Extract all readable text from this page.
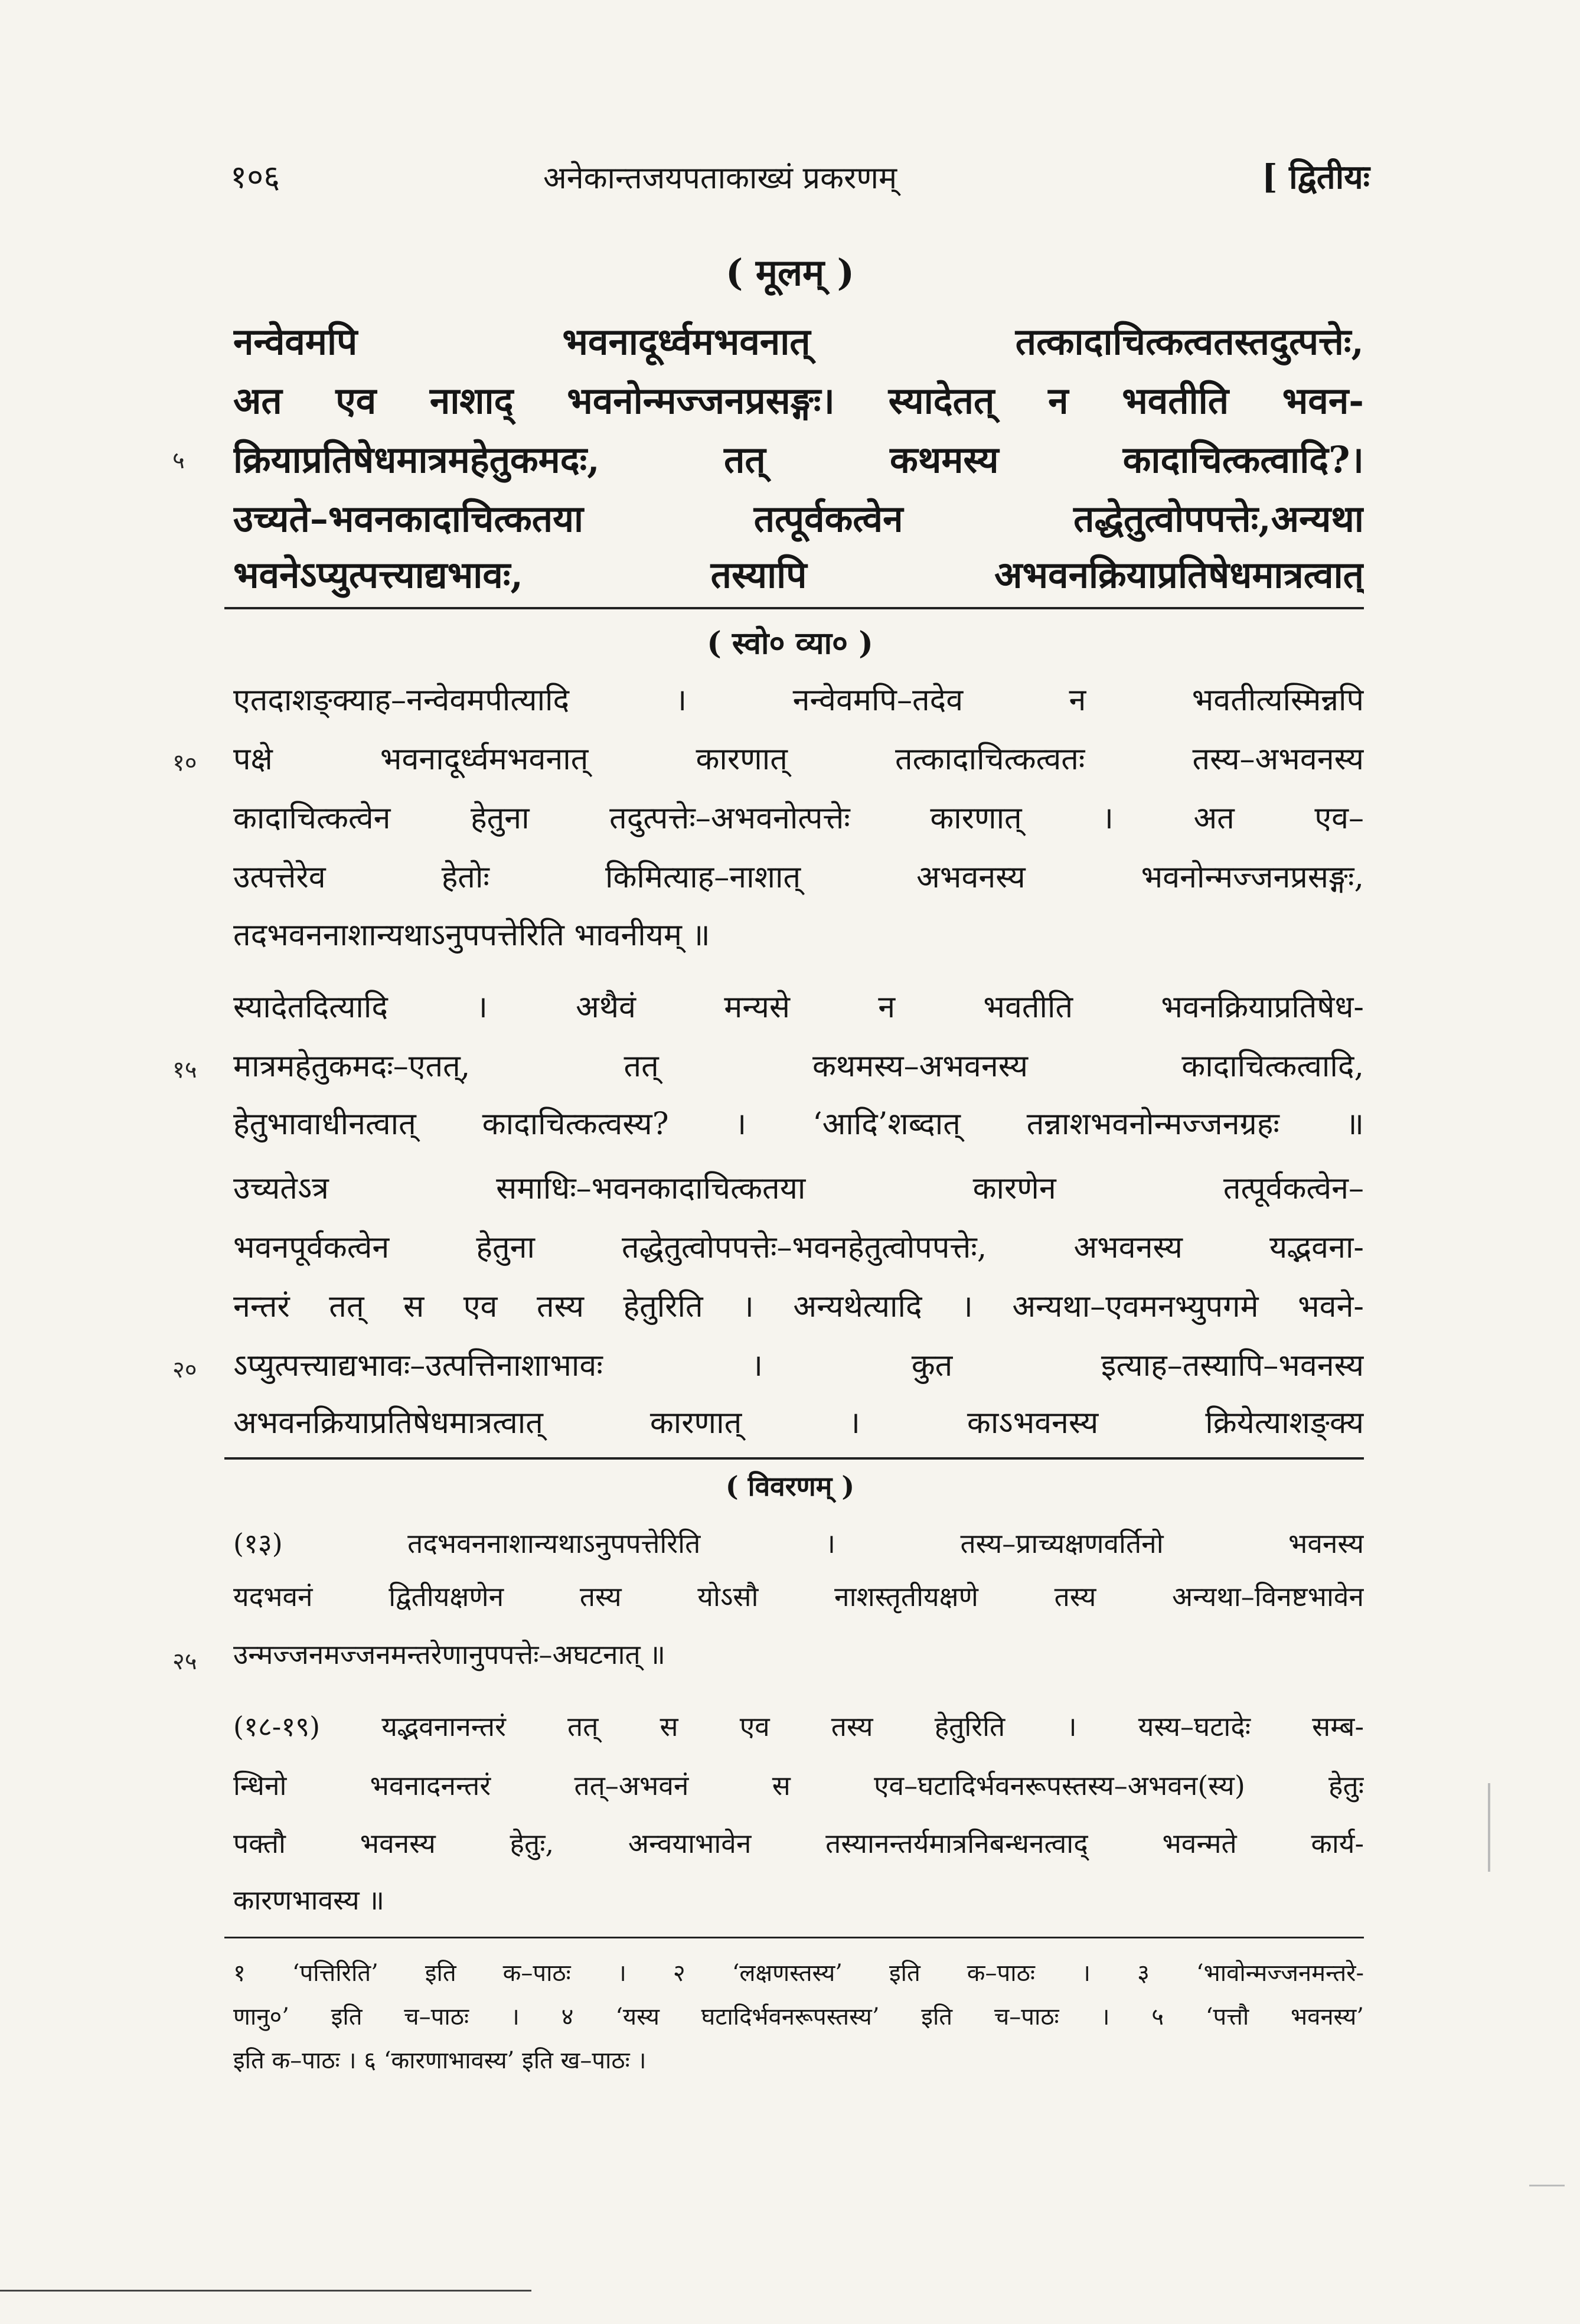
१०६	अनेकान्तजयपताकाख्यं प्रकरणम्	[ द्वितीयः
( मूलम् )
नन्वेवमपि भवनादूर्ध्वमभवनात् तत्कादाचित्कत्वतस्तदुत्पत्तेः,
अत एव नाशाद् भवनोन्मज्जनप्रसङ्गः। स्यादेतत् न भवतीति भवन-
क्रियाप्रतिषेधमात्रमहेतुकमदः, तत् कथमस्य कादाचित्कत्वादि?।
५
उच्यते–भवनकादाचित्कतया तत्पूर्वकत्वेन तद्धेतुत्वोपपत्तेः,अन्यथा
भवनेऽप्युत्पत्त्याद्यभावः, तस्यापि अभवनक्रियाप्रतिषेधमात्रत्वात्
( स्वो० व्या० )
एतदाशङ्क्याह–नन्वेवमपीत्यादि । नन्वेवमपि–तदेव न भवतीत्यस्मिन्नपि
पक्षे भवनादूर्ध्वमभवनात् कारणात् तत्कादाचित्कत्वतः तस्य–अभवनस्य
१०
कादाचित्कत्वेन हेतुना तदुत्पत्तेः–अभवनोत्पत्तेः कारणात् । अत एव–
उत्पत्तेरेव हेतोः किमित्याह–नाशात् अभवनस्य भवनोन्मज्जनप्रसङ्गः,
तदभवननाशान्यथाऽनुपपत्तेरिति भावनीयम् ॥
स्यादेतदित्यादि । अथैवं मन्यसे न भवतीति भवनक्रियाप्रतिषेध-
मात्रमहेतुकमदः–एतत्, तत् कथमस्य–अभवनस्य कादाचित्कत्वादि,
१५
हेतुभावाधीनत्वात् कादाचित्कत्वस्य? । ‘आदि’शब्दात् तन्नाशभवनोन्मज्जनग्रहः ॥
उच्यतेऽत्र समाधिः–भवनकादाचित्कतया कारणेन तत्पूर्वकत्वेन–
भवनपूर्वकत्वेन हेतुना तद्धेतुत्वोपपत्तेः–भवनहेतुत्वोपपत्तेः, अभवनस्य यद्भवना-
नन्तरं तत् स एव तस्य हेतुरिति । अन्यथेत्यादि । अन्यथा–एवमनभ्युपगमे भवने-
ऽप्युत्पत्त्याद्यभावः–उत्पत्तिनाशाभावः । कुत इत्याह–तस्यापि–भवनस्य
२०
अभवनक्रियाप्रतिषेधमात्रत्वात् कारणात् । काऽभवनस्य क्रियेत्याशङ्क्य
( विवरणम् )
(१३) तदभवननाशान्यथाऽनुपपत्तेरिति । तस्य–प्राच्यक्षणवर्तिनो भवनस्य
यदभवनं द्वितीयक्षणेन तस्य योऽसौ नाशस्तृतीयक्षणे तस्य अन्यथा–विनष्टभावेन
उन्मज्जनमज्जनमन्तरेणानुपपत्तेः–अघटनात् ॥
२५
(१८-१९) यद्भवनानन्तरं तत् स एव तस्य हेतुरिति । यस्य–घटादेः सम्ब-
न्धिनो भवनादनन्तरं तत्–अभवनं स एव–घटादिर्भवनरूपस्तस्य–अभवन(स्य) हेतुः
पक्तौ भवनस्य हेतुः, अन्वयाभावेन तस्यानन्तर्यमात्रनिबन्धनत्वाद् भवन्मते कार्य-
कारणभावस्य ॥
१ ‘पत्तिरिति’ इति क–पाठः । २ ‘लक्षणस्तस्य’ इति क–पाठः । ३ ‘भावोन्मज्जनमन्तरे-
णानु०’ इति च–पाठः । ४ ‘यस्य घटादिर्भवनरूपस्तस्य’ इति च–पाठः । ५ ‘पत्तौ भवनस्य’
इति क–पाठः । ६ ‘कारणाभावस्य’ इति ख–पाठः ।
